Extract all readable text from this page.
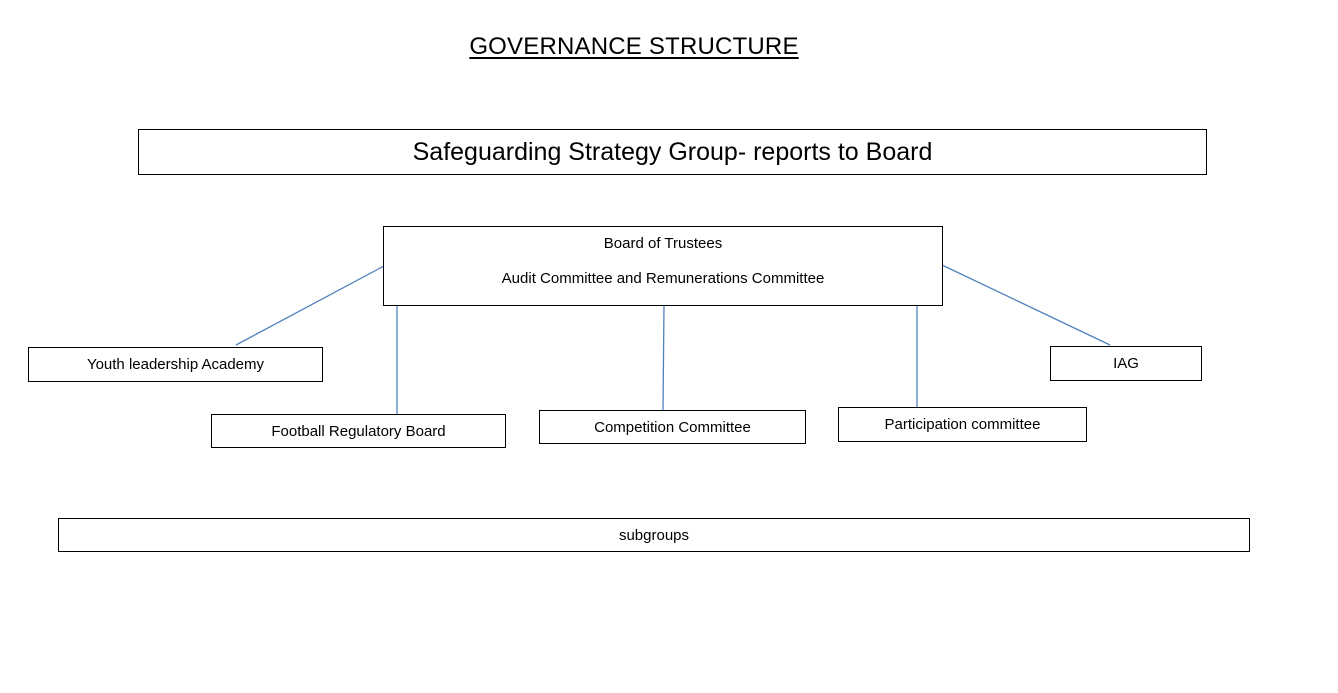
GOVERNANCE STRUCTURE
Safeguarding Strategy Group- reports to Board
Board of Trustees
Audit Committee and Remunerations Committee
Youth leadership Academy
Football Regulatory Board	Competition Committee	Participation committee
IAG
subgroups
